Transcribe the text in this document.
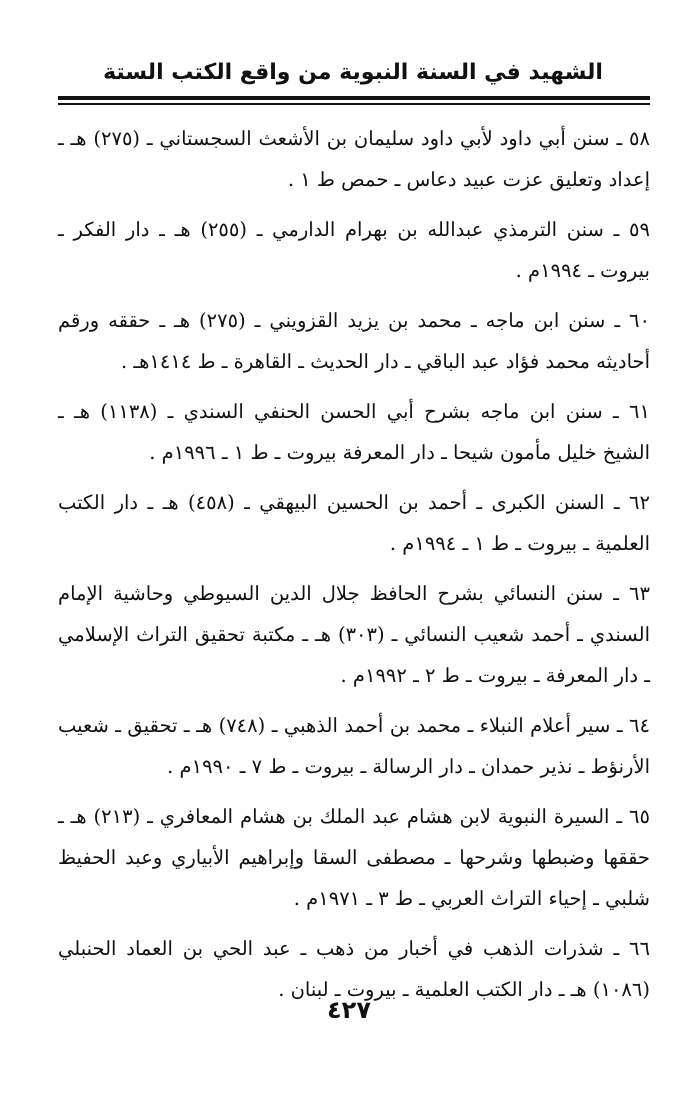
الشهيد في السنة النبوية من واقع الكتب الستة
٥٨ ـ سنن أبي داود لأبي داود سليمان بن الأشعث السجستاني ـ (٢٧٥) هـ ـ إعداد وتعليق عزت عبيد دعاس ـ حمص ط ١ .
٥٩ ـ سنن الترمذي عبدالله بن بهرام الدارمي ـ (٢٥٥) هـ ـ دار الفكر ـ بيروت ـ ١٩٩٤م .
٦٠ ـ سنن ابن ماجه ـ محمد بن يزيد القزويني ـ (٢٧٥) هـ ـ حققه ورقم أحاديثه محمد فؤاد عبد الباقي ـ دار الحديث ـ القاهرة ـ ط ١٤١٤هـ .
٦١ ـ سنن ابن ماجه بشرح أبي الحسن الحنفي السندي ـ (١١٣٨) هـ ـ الشيخ خليل مأمون شيحا ـ دار المعرفة بيروت ـ ط ١ ـ ١٩٩٦م .
٦٢ ـ السنن الكبرى ـ أحمد بن الحسين البيهقي ـ (٤٥٨) هـ ـ دار الكتب العلمية ـ بيروت ـ ط ١ ـ ١٩٩٤م .
٦٣ ـ سنن النسائي بشرح الحافظ جلال الدين السيوطي وحاشية الإمام السندي ـ أحمد شعيب النسائي ـ (٣٠٣) هـ ـ مكتبة تحقيق التراث الإسلامي ـ دار المعرفة ـ بيروت ـ ط ٢ ـ ١٩٩٢م .
٦٤ ـ سير أعلام النبلاء ـ محمد بن أحمد الذهبي ـ (٧٤٨) هـ ـ تحقيق ـ شعيب الأرنؤط ـ نذير حمدان ـ دار الرسالة ـ بيروت ـ ط ٧ ـ ١٩٩٠م .
٦٥ ـ السيرة النبوية لابن هشام عبد الملك بن هشام المعافري ـ (٢١٣) هـ ـ حققها وضبطها وشرحها ـ مصطفى السقا وإبراهيم الأبياري وعبد الحفيظ شلبي ـ إحياء التراث العربي ـ ط ٣ ـ ١٩٧١م .
٦٦ ـ شذرات الذهب في أخبار من ذهب ـ عبد الحي بن العماد الحنبلي (١٠٨٦) هـ ـ دار الكتب العلمية ـ بيروت ـ لبنان .
٤٢٧
